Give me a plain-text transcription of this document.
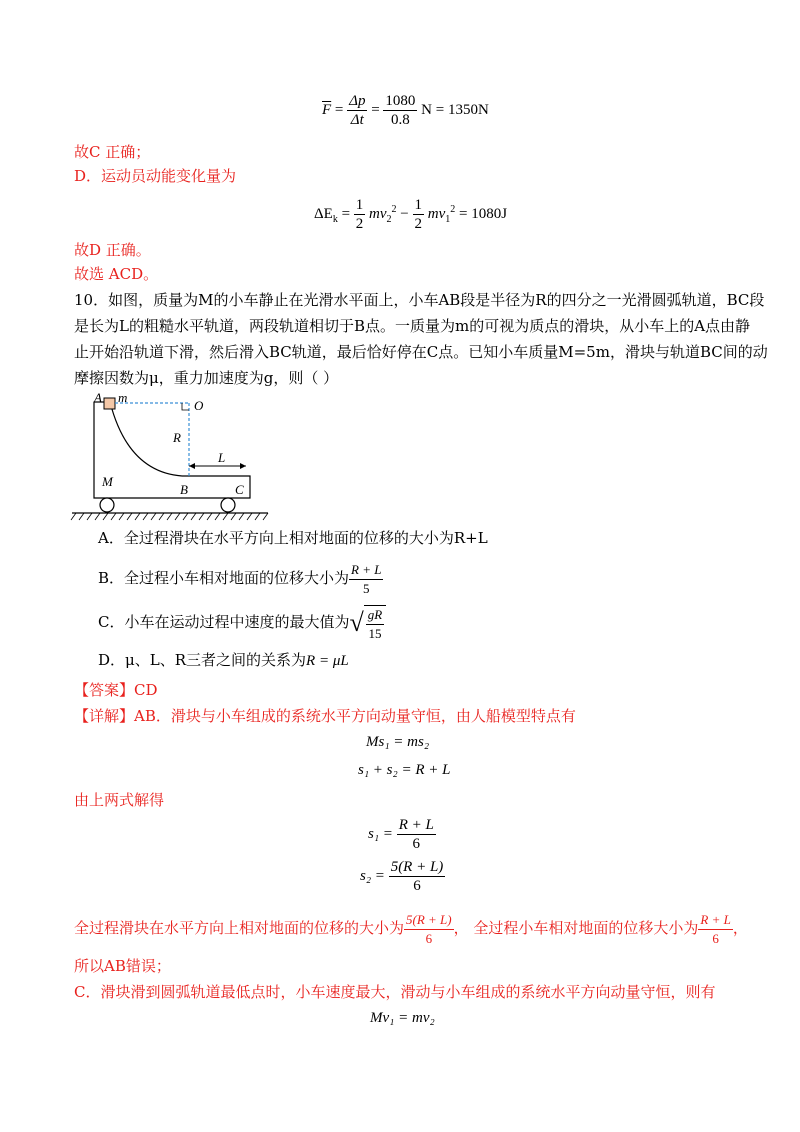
$\overline{F} = \frac{\Delta p}{\Delta t} = \frac{1080}{0.8}$ N = 1350N
故C 正确；
D．运动员动能变化量为
$\Delta E_k = \frac{1}{2} mv_2^2 - \frac{1}{2} mv_1^2 = 1080J$
故D 正确。
故选 ACD。
10．如图，质量为M的小车静止在光滑水平面上，小车AB段是半径为R的四分之一光滑圆弧轨道，BC段
是长为L的粗糙水平轨道，两段轨道相切于B点。一质量为m的可视为质点的滑块，从小车上的A点由静
止开始沿轨道下滑，然后滑入BC轨道，最后恰好停在C点。已知小车质量M=5m，滑块与轨道BC间的动
摩擦因数为μ，重力加速度为g，则（ ）
A m
O
R
L
M
B	C
A．全过程滑块在水平方向上相对地面的位移的大小为R+L
B．全过程小车相对地面的位移大小为 $\frac{R + L}{5}$
C．小车在运动过程中速度的最大值为√ $\frac{gR}{15}$
D．μ、L、R三者之间的关系为R = μL
【答案】CD
【详解】AB．滑块与小车组成的系统水平方向动量守恒，由人船模型特点有
Ms₁ = ms₂
s₁ + s₂ = R + L
由上两式解得
$s_1 = \frac{R + L}{6}$
$s_2 = \frac{5(R + L)}{6}$
全过程滑块在水平方向上相对地面的位移的大小为 $\frac{5(R + L)}{6}$ ， 全过程小车相对地面的位移大小为 $\frac{R + L}{6}$ ，
所以AB错误；
C．滑块滑到圆弧轨道最低点时，小车速度最大，滑动与小车组成的系统水平方向动量守恒，则有
Mv₁ = mv₂
